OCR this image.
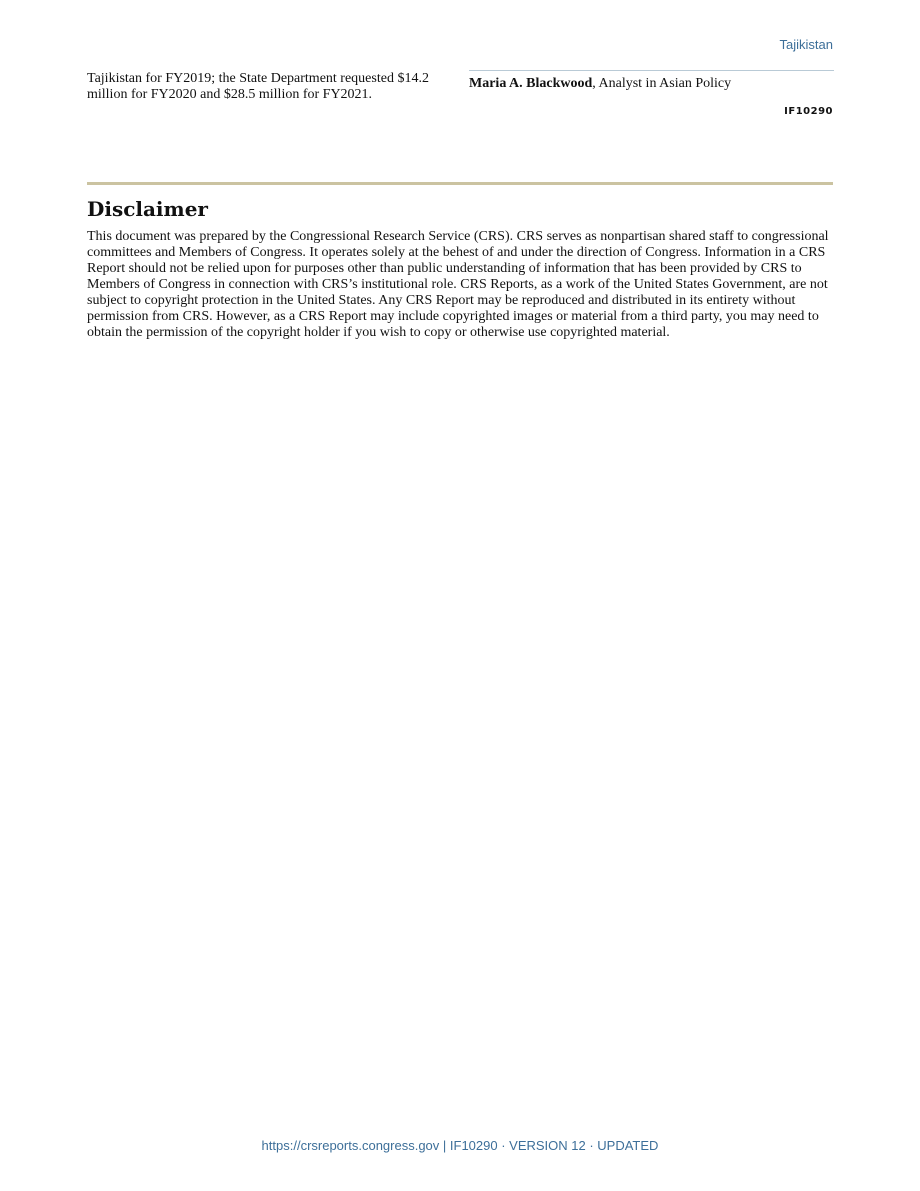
Tajikistan
Tajikistan for FY2019; the State Department requested $14.2 million for FY2020 and $28.5 million for FY2021.
Maria A. Blackwood, Analyst in Asian Policy
IF10290
Disclaimer

This document was prepared by the Congressional Research Service (CRS). CRS serves as nonpartisan shared staff to congressional committees and Members of Congress. It operates solely at the behest of and under the direction of Congress. Information in a CRS Report should not be relied upon for purposes other than public understanding of information that has been provided by CRS to Members of Congress in connection with CRS’s institutional role. CRS Reports, as a work of the United States Government, are not subject to copyright protection in the United States. Any CRS Report may be reproduced and distributed in its entirety without permission from CRS. However, as a CRS Report may include copyrighted images or material from a third party, you may need to obtain the permission of the copyright holder if you wish to copy or otherwise use copyrighted material.

https://crsreports.congress.gov | IF10290 · VERSION 12 · UPDATED
